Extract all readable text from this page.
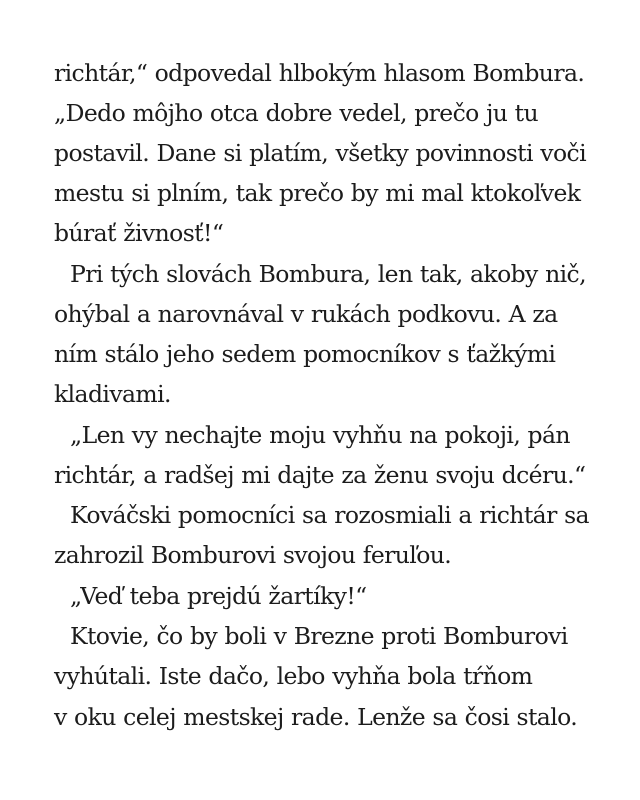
richtár,“ odpovedal hlbokým hlasom Bombura.
„Dedo môjho otca dobre vedel, prečo ju tu
postavil. Dane si platím, všetky povinnosti voči
mestu si plním, tak prečo by mi mal ktokoľvek
búrať živnosť!“
Pri tých slovách Bombura, len tak, akoby nič,
ohýbal a narovnával v rukách podkovu. A za
ním stálo jeho sedem pomocníkov s ťažkými
kladivami.
„Len vy nechajte moju vyhňu na pokoji, pán
richtár, a radšej mi dajte za ženu svoju dcéru.“
Kováčski pomocníci sa rozosmiali a richtár sa
zahrozil Bomburovi svojou feruľou.
„Veď teba prejdú žartíky!“
Ktovie, čo by boli v Brezne proti Bomburovi
vyhútali. Iste dačo, lebo vyhňa bola tŕňom
v oku celej mestskej rade. Lenže sa čosi stalo.
